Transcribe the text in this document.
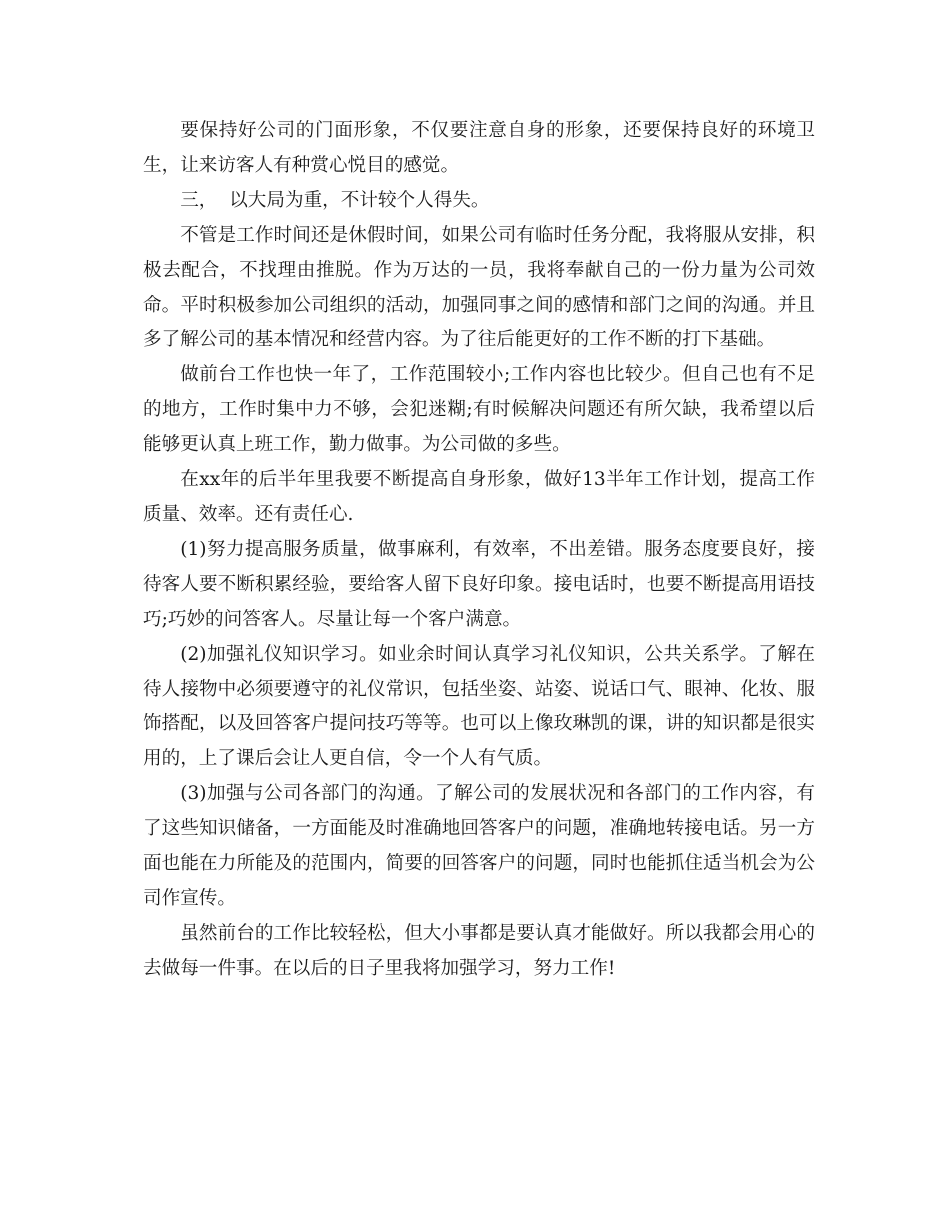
要保持好公司的门面形象，不仅要注意自身的形象，还要保持良好的环境卫生，让来访客人有种赏心悦目的感觉。

三，  以大局为重，不计较个人得失。

不管是工作时间还是休假时间，如果公司有临时任务分配，我将服从安排，积极去配合，不找理由推脱。作为万达的一员，我将奉献自己的一份力量为公司效命。平时积极参加公司组织的活动，加强同事之间的感情和部门之间的沟通。并且多了解公司的基本情况和经营内容。为了往后能更好的工作不断的打下基础。

做前台工作也快一年了，工作范围较小;工作内容也比较少。但自己也有不足的地方，工作时集中力不够，会犯迷糊;有时候解决问题还有所欠缺，我希望以后能够更认真上班工作，勤力做事。为公司做的多些。

在xx年的后半年里我要不断提高自身形象，做好13半年工作计划，提高工作质量、效率。还有责任心.

(1)努力提高服务质量，做事麻利，有效率，不出差错。服务态度要良好，接待客人要不断积累经验，要给客人留下良好印象。接电话时，也要不断提高用语技巧;巧妙的问答客人。尽量让每一个客户满意。

(2)加强礼仪知识学习。如业余时间认真学习礼仪知识，公共关系学。了解在待人接物中必须要遵守的礼仪常识，包括坐姿、站姿、说话口气、眼神、化妆、服饰搭配，以及回答客户提问技巧等等。也可以上像玫琳凯的课，讲的知识都是很实用的，上了课后会让人更自信，令一个人有气质。

(3)加强与公司各部门的沟通。了解公司的发展状况和各部门的工作内容，有了这些知识储备，一方面能及时准确地回答客户的问题，准确地转接电话。另一方面也能在力所能及的范围内，简要的回答客户的问题，同时也能抓住适当机会为公司作宣传。

虽然前台的工作比较轻松，但大小事都是要认真才能做好。所以我都会用心的去做每一件事。在以后的日子里我将加强学习，努力工作!
